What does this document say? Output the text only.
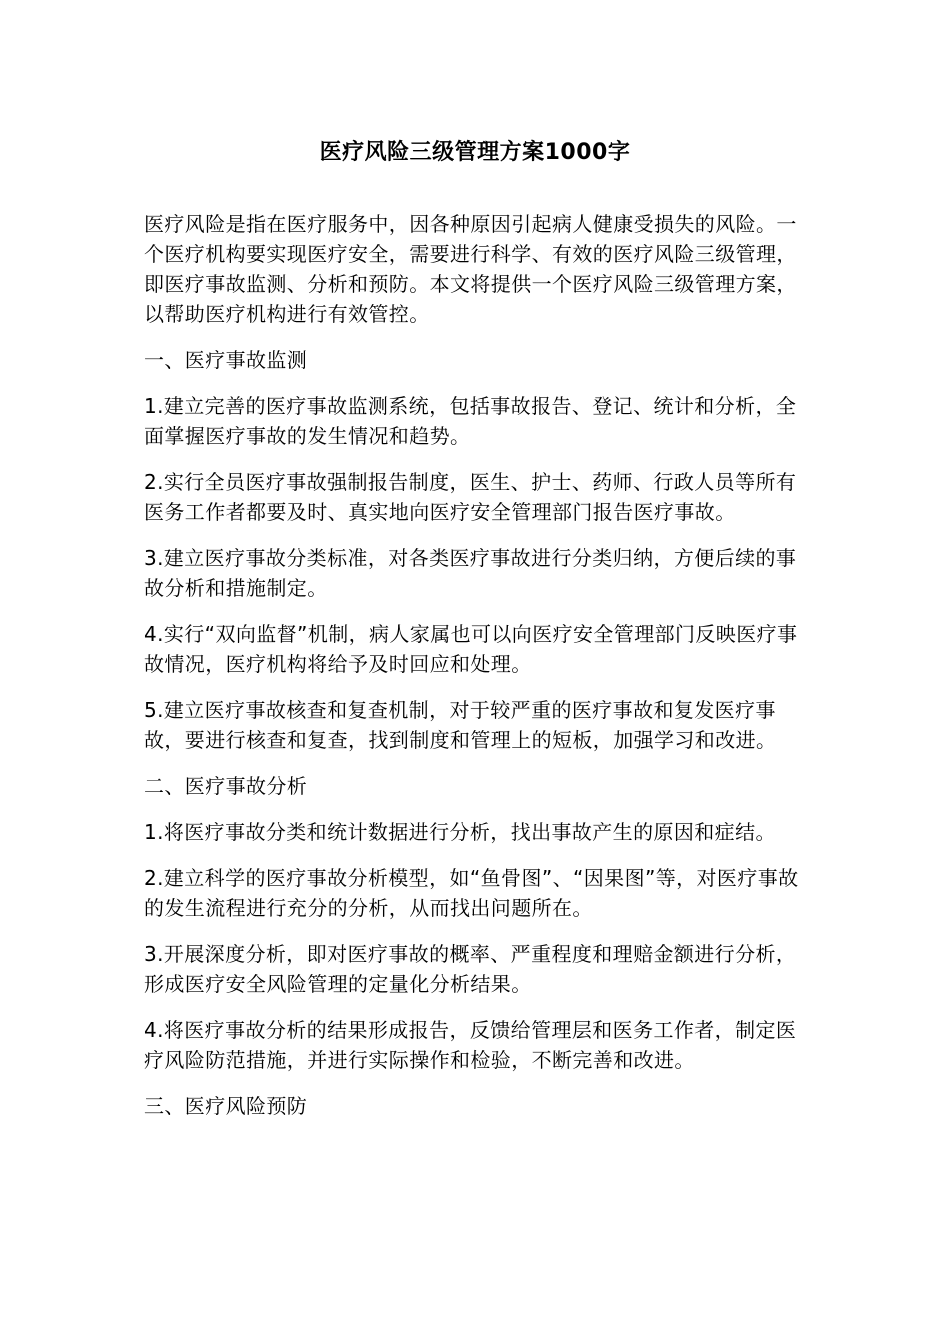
医疗风险三级管理方案1000字

医疗风险是指在医疗服务中，因各种原因引起病人健康受损失的风险。一个医疗机构要实现医疗安全，需要进行科学、有效的医疗风险三级管理，即医疗事故监测、分析和预防。本文将提供一个医疗风险三级管理方案，以帮助医疗机构进行有效管控。

一、医疗事故监测

1.建立完善的医疗事故监测系统，包括事故报告、登记、统计和分析，全面掌握医疗事故的发生情况和趋势。

2.实行全员医疗事故强制报告制度，医生、护士、药师、行政人员等所有医务工作者都要及时、真实地向医疗安全管理部门报告医疗事故。

3.建立医疗事故分类标准，对各类医疗事故进行分类归纳，方便后续的事故分析和措施制定。

4.实行“双向监督”机制，病人家属也可以向医疗安全管理部门反映医疗事故情况，医疗机构将给予及时回应和处理。

5.建立医疗事故核查和复查机制，对于较严重的医疗事故和复发医疗事故，要进行核查和复查，找到制度和管理上的短板，加强学习和改进。

二、医疗事故分析

1.将医疗事故分类和统计数据进行分析，找出事故产生的原因和症结。

2.建立科学的医疗事故分析模型，如“鱼骨图”、“因果图”等，对医疗事故的发生流程进行充分的分析，从而找出问题所在。

3.开展深度分析，即对医疗事故的概率、严重程度和理赔金额进行分析，形成医疗安全风险管理的定量化分析结果。

4.将医疗事故分析的结果形成报告，反馈给管理层和医务工作者，制定医疗风险防范措施，并进行实际操作和检验，不断完善和改进。

三、医疗风险预防
